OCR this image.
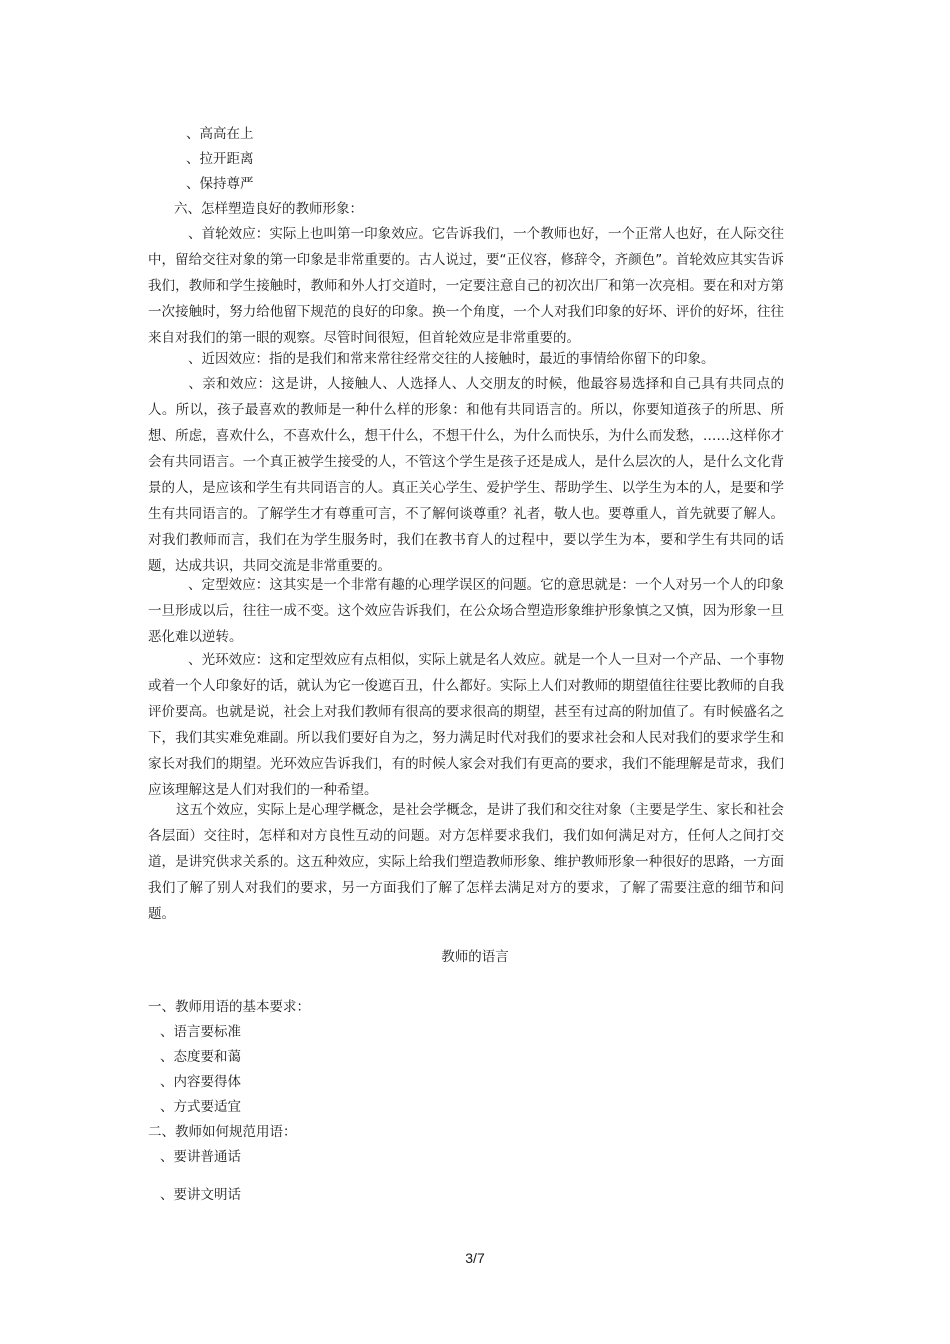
、高高在上

、拉开距离

、保持尊严

六、怎样塑造良好的教师形象：

、首轮效应：实际上也叫第一印象效应。它告诉我们，一个教师也好，一个正常人也好，在人际交往中，留给交往对象的第一印象是非常重要的。古人说过，要“正仪容，修辞令，齐颜色”。首轮效应其实告诉我们，教师和学生接触时，教师和外人打交道时，一定要注意自己的初次出厂和第一次亮相。要在和对方第一次接触时，努力给他留下规范的良好的印象。换一个角度，一个人对我们印象的好坏、评价的好坏，往往来自对我们的第一眼的观察。尽管时间很短，但首轮效应是非常重要的。

、近因效应：指的是我们和常来常往经常交往的人接触时，最近的事情给你留下的印象。

、亲和效应：这是讲，人接触人、人选择人、人交朋友的时候，他最容易选择和自己具有共同点的人。所以，孩子最喜欢的教师是一种什么样的形象：和他有共同语言的。所以，你要知道孩子的所思、所想、所虑，喜欢什么，不喜欢什么，想干什么，不想干什么，为什么而快乐，为什么而发愁，……这样你才会有共同语言。一个真正被学生接受的人，不管这个学生是孩子还是成人，是什么层次的人，是什么文化背景的人，是应该和学生有共同语言的人。真正关心学生、爱护学生、帮助学生、以学生为本的人，是要和学生有共同语言的。了解学生才有尊重可言，不了解何谈尊重？礼者，敬人也。要尊重人，首先就要了解人。对我们教师而言，我们在为学生服务时，我们在教书育人的过程中，要以学生为本，要和学生有共同的话题，达成共识，共同交流是非常重要的。

、定型效应：这其实是一个非常有趣的心理学误区的问题。它的意思就是：一个人对另一个人的印象一旦形成以后，往往一成不变。这个效应告诉我们，在公众场合塑造形象维护形象慎之又慎，因为形象一旦恶化难以逆转。

、光环效应：这和定型效应有点相似，实际上就是名人效应。就是一个人一旦对一个产品、一个事物或着一个人印象好的话，就认为它一俊遮百丑，什么都好。实际上人们对教师的期望值往往要比教师的自我评价要高。也就是说，社会上对我们教师有很高的要求很高的期望，甚至有过高的附加值了。有时候盛名之下，我们其实难免难副。所以我们要好自为之，努力满足时代对我们的要求社会和人民对我们的要求学生和家长对我们的期望。光环效应告诉我们，有的时候人家会对我们有更高的要求，我们不能理解是苛求，我们应该理解这是人们对我们的一种希望。

这五个效应，实际上是心理学概念，是社会学概念，是讲了我们和交往对象（主要是学生、家长和社会各层面）交往时，怎样和对方良性互动的问题。对方怎样要求我们，我们如何满足对方，任何人之间打交道，是讲究供求关系的。这五种效应，实际上给我们塑造教师形象、维护教师形象一种很好的思路，一方面我们了解了别人对我们的要求，另一方面我们了解了怎样去满足对方的要求，了解了需要注意的细节和问题。

教师的语言

一、教师用语的基本要求：

、语言要标准

、态度要和蔼

、内容要得体

、方式要适宜

二、教师如何规范用语：

、要讲普通话

、要讲文明话

3/7
